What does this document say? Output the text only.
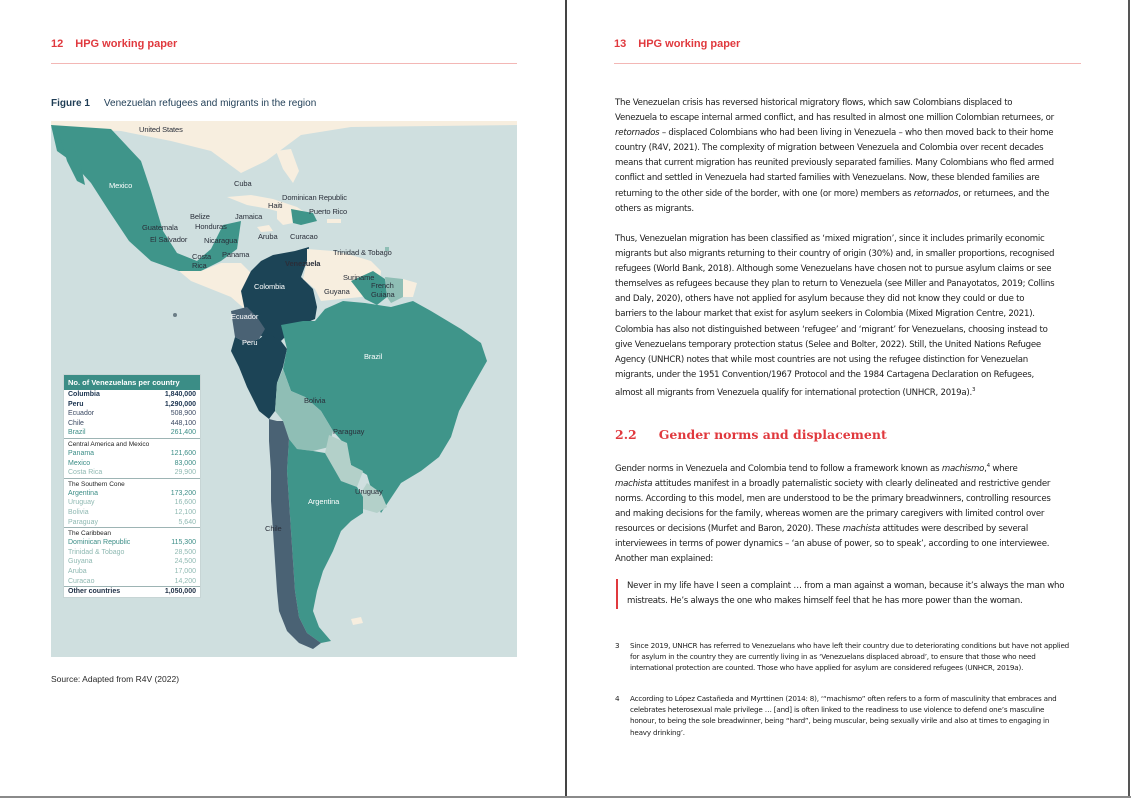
12 HPG working paper
Figure 1 Venezuelan refugees and migrants in the region
United States
Mexico	Cuba
Haiti
Dominican Republic
Puerto Rico
Belize	Jamaica
Guatemala Honduras
El Salvador Nicaragua	Aruba Curacao
Trinidad & Tobago
Costa
Rica
Panama
Venezuela
Suriname
French
Guiana
Guyana
Colombia
Ecuador
Peru
Brazil
Bolivia
Paraguay
Uruguay
Argentina
Chile
No. of Venezuelans per country
Columbia	1,840,000
Peru	1,290,000
Ecuador	508,900
Chile	448,100
Brazil	261,400
Central America and Mexico
Panama	121,600
Mexico	83,000
Costa Rica	29,900
The Southern Cone
Argentina	173,200
Uruguay	16,600
Bolivia	12,100
Paraguay	5,640
The Caribbean
Dominican Republic	115,300
Trinidad & Tobago	28,500
Guyana	24,500
Aruba	17,000
Curacao	14,200
Other countries	1,050,000
Source: Adapted from R4V (2022)
13 HPG working paper

The Venezuelan crisis has reversed historical migratory flows, which saw Colombians displaced to Venezuela to escape internal armed conflict, and has resulted in almost one million Colombian returnees, or retornados – displaced Colombians who had been living in Venezuela – who then moved back to their home country (R4V, 2021). The complexity of migration between Venezuela and Colombia over recent decades means that current migration has reunited previously separated families. Many Colombians who fled armed conflict and settled in Venezuela had started families with Venezuelans. Now, these blended families are returning to the other side of the border, with one (or more) members as retornados, or returnees, and the others as migrants.

Thus, Venezuelan migration has been classified as ‘mixed migration’, since it includes primarily economic migrants but also migrants returning to their country of origin (30%) and, in smaller proportions, recognised refugees (World Bank, 2018). Although some Venezuelans have chosen not to pursue asylum claims or see themselves as refugees because they plan to return to Venezuela (see Miller and Panayotatos, 2019; Collins and Daly, 2020), others have not applied for asylum because they did not know they could or due to barriers to the labour market that exist for asylum seekers in Colombia (Mixed Migration Centre, 2021). Colombia has also not distinguished between ‘refugee’ and ‘migrant’ for Venezuelans, choosing instead to give Venezuelans temporary protection status (Selee and Bolter, 2022). Still, the United Nations Refugee Agency (UNHCR) notes that while most countries are not using the refugee distinction for Venezuelan migrants, under the 1951 Convention/1967 Protocol and the 1984 Cartagena Declaration on Refugees, almost all migrants from Venezuela qualify for international protection (UNHCR, 2019a).$^3$

2.2 Gender norms and displacement

Gender norms in Venezuela and Colombia tend to follow a framework known as machismo,$^4$ where machista attitudes manifest in a broadly paternalistic society with clearly delineated and restrictive gender norms. According to this model, men are understood to be the primary breadwinners, controlling resources and making decisions for the family, whereas women are the primary caregivers with limited control over resources or decisions (Murfet and Baron, 2020). These machista attitudes were described by several interviewees in terms of power dynamics – ‘an abuse of power, so to speak’, according to one interviewee. Another man explained:

Never in my life have I seen a complaint … from a man against a woman, because it’s always the man who mistreats. He’s always the one who makes himself feel that he has more power than the woman.
3 Since 2019, UNHCR has referred to Venezuelans who have left their country due to deteriorating conditions but have not applied for asylum in the country they are currently living in as ‘Venezuelans displaced abroad’, to ensure that those who need international protection are counted. Those who have applied for asylum are considered refugees (UNHCR, 2019a).
4 According to López Castañeda and Myrttinen (2014: 8), ‘“machismo” often refers to a form of masculinity that embraces and celebrates heterosexual male privilege … [and] is often linked to the readiness to use violence to defend one’s masculine honour, to being the sole breadwinner, being “hard”, being muscular, being sexually virile and also at times to engaging in heavy drinking’.
